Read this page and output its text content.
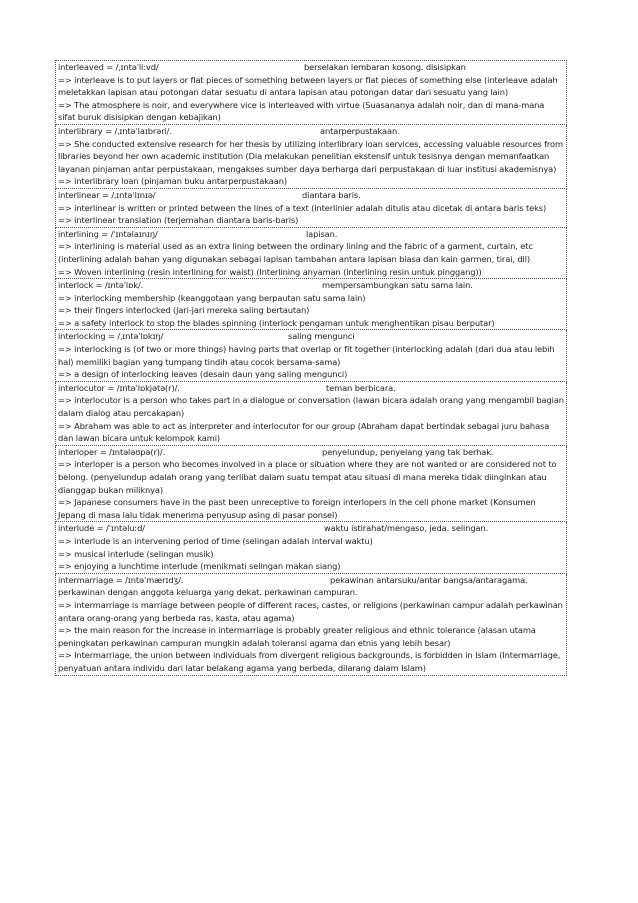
interleaved = /ˌɪntəˈliːvd/	berselakan lembaran kosong. disisipkan

=> interleave is to put layers or flat pieces of something between layers or flat pieces of something else (interleave adalah meletakkan lapisan atau potongan datar sesuatu di antara lapisan atau potongan datar dari sesuatu yang lain)

=> The atmosphere is noir, and everywhere vice is interleaved with virtue (Suasananya adalah noir, dan di mana-mana sifat buruk disisipkan dengan kebajikan)

interlibrary = /ˌɪntəˈlaɪbrəri/.	antarperpustakaan.

=> She conducted extensive research for her thesis by utilizing interlibrary loan services, accessing valuable resources from libraries beyond her own academic institution (Dia melakukan penelitian ekstensif untuk tesisnya dengan memanfaatkan layanan pinjaman antar perpustakaan, mengakses sumber daya berharga dari perpustakaan di luar institusi akademisnya)

=> interlibrary loan (pinjaman buku antarperpustakaan)

interlinear = /ˌɪntəˈlɪnɪə/	diantara baris.

=> interlinear is written or printed between the lines of a text (interlinier adalah ditulis atau dicetak di antara baris teks)

=> interlinear translation (terjemahan diantara baris-baris)

interlining = /ˈɪntəlaɪnɪŋ/	lapisan.

=> interlining is material used as an extra lining between the ordinary lining and the fabric of a garment, curtain, etc (interlining adalah bahan yang digunakan sebagai lapisan tambahan antara lapisan biasa dan kain garmen, tirai, dll)

=> Woven interlining (resin interlining for waist) (Interlining anyaman (interlining resin untuk pinggang))

interlock = /ɪntəˈlɒk/.	mempersambungkan satu sama lain.

=> interlocking membership (keanggotaan yang berpautan satu sama lain)

=> their fingers interlocked (jari-jari mereka saling bertautan)

=> a safety interlock to stop the blades spinning (interlock pengaman untuk menghentikan pisau berputar)

interlocking = /ˌɪntəˈlɒkɪŋ/	saling mengunci

=> interlocking is (of two or more things) having parts that overlap or fit together (interlocking adalah (dari dua atau lebih hal) memiliki bagian yang tumpang tindih atau cocok bersama-sama)

=> a design of interlocking leaves (desain daun yang saling mengunci)

interlocutor = /ɪntəˈlɒkjətə(r)/.	teman berbicara.

=> interlocutor is a person who takes part in a dialogue or conversation (lawan bicara adalah orang yang mengambil bagian dalam dialog atau percakapan)

=> Abraham was able to act as interpreter and interlocutor for our group (Abraham dapat bertindak sebagai juru bahasa dan lawan bicara untuk kelompok kami)

interloper = /ɪntələʊpə(r)/.	penyelundup, penyelang yang tak berhak.

=> interloper is a person who becomes involved in a place or situation where they are not wanted or are considered not to belong. (penyelundup adalah orang yang terlibat dalam suatu tempat atau situasi di mana mereka tidak diinginkan atau dianggap bukan miliknya)

=> Japanese consumers have in the past been unreceptive to foreign interlopers in the cell phone market (Konsumen Jepang di masa lalu tidak menerima penyusup asing di pasar ponsel)

interlude = /ˈɪntəluːd/	waktu istirahat/mengaso, jeda. selingan.

=> interlude is an intervening period of time (selingan adalah interval waktu)

=> musical interlude (selingan musik)

=> enjoying a lunchtime interlude (menikmati selingan makan siang)

intermarriage = /ɪntəˈmærɪdʒ/.	pekawinan antarsuku/antar bangsa/antaragama.

perkawinan dengan anggota keluarga yang dekat. perkawinan campuran.

=> intermarriage is marriage between people of different races, castes, or religions (perkawinan campur adalah perkawinan antara orang-orang yang berbeda ras, kasta, atau agama)

=> the main reason for the increase in intermarriage is probably greater religious and ethnic tolerance (alasan utama peningkatan perkawinan campuran mungkin adalah toleransi agama dan etnis yang lebih besar)

=> Intermarriage, the union between individuals from divergent religious backgrounds, is forbidden in Islam (Intermarriage, penyatuan antara individu dari latar belakang agama yang berbeda, dilarang dalam Islam)
